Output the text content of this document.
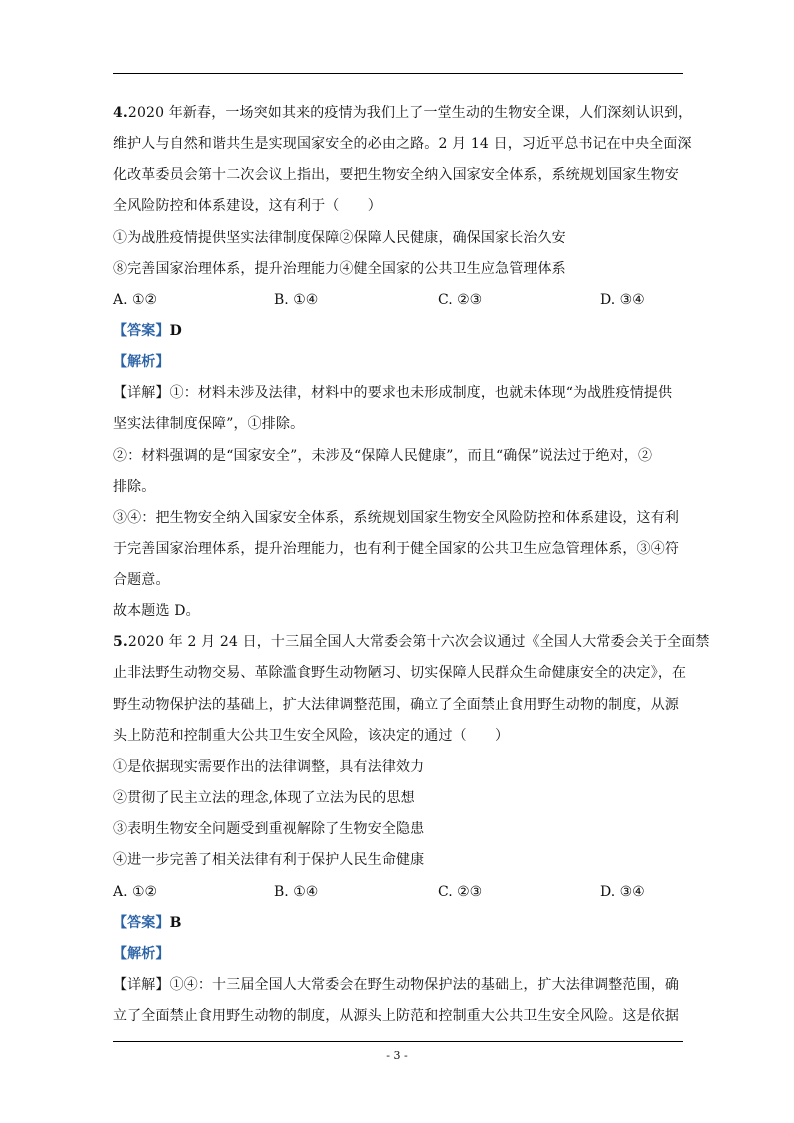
4.2020 年新春，一场突如其来的疫情为我们上了一堂生动的生物安全课，人们深刻认识到，
维护人与自然和谐共生是实现国家安全的必由之路。2 月 14 日，习近平总书记在中央全面深
化改革委员会第十二次会议上指出，要把生物安全纳入国家安全体系，系统规划国家生物安
全风险防控和体系建设，这有利于（　　）
①为战胜疫情提供坚实法律制度保障②保障人民健康，确保国家长治久安
⑧完善国家治理体系，提升治理能力④健全国家的公共卫生应急管理体系
A. ①②	B. ①④	C. ②③	D. ③④
【答案】D
【解析】
【详解】①：材料未涉及法律，材料中的要求也未形成制度，也就未体现“为战胜疫情提供
坚实法律制度保障”，①排除。
②：材料强调的是“国家安全”，未涉及“保障人民健康”，而且“确保”说法过于绝对，②
排除。
③④：把生物安全纳入国家安全体系，系统规划国家生物安全风险防控和体系建设，这有利
于完善国家治理体系，提升治理能力，也有利于健全国家的公共卫生应急管理体系，③④符
合题意。
故本题选 D。
5.2020 年 2 月 24 日，十三届全国人大常委会第十六次会议通过《全国人大常委会关于全面禁
止非法野生动物交易、革除滥食野生动物陋习、切实保障人民群众生命健康安全的决定》，在
野生动物保护法的基础上，扩大法律调整范围，确立了全面禁止食用野生动物的制度，从源
头上防范和控制重大公共卫生安全风险，该决定的通过（　　）
①是依据现实需要作出的法律调整，具有法律效力
②贯彻了民主立法的理念,体现了立法为民的思想
③表明生物安全问题受到重视解除了生物安全隐患
④进一步完善了相关法律有利于保护人民生命健康
A. ①②	B. ①④	C. ②③	D. ③④
【答案】B
【解析】
【详解】①④：十三届全国人大常委会在野生动物保护法的基础上，扩大法律调整范围，确
立了全面禁止食用野生动物的制度，从源头上防范和控制重大公共卫生安全风险。这是依据
- 3 -
